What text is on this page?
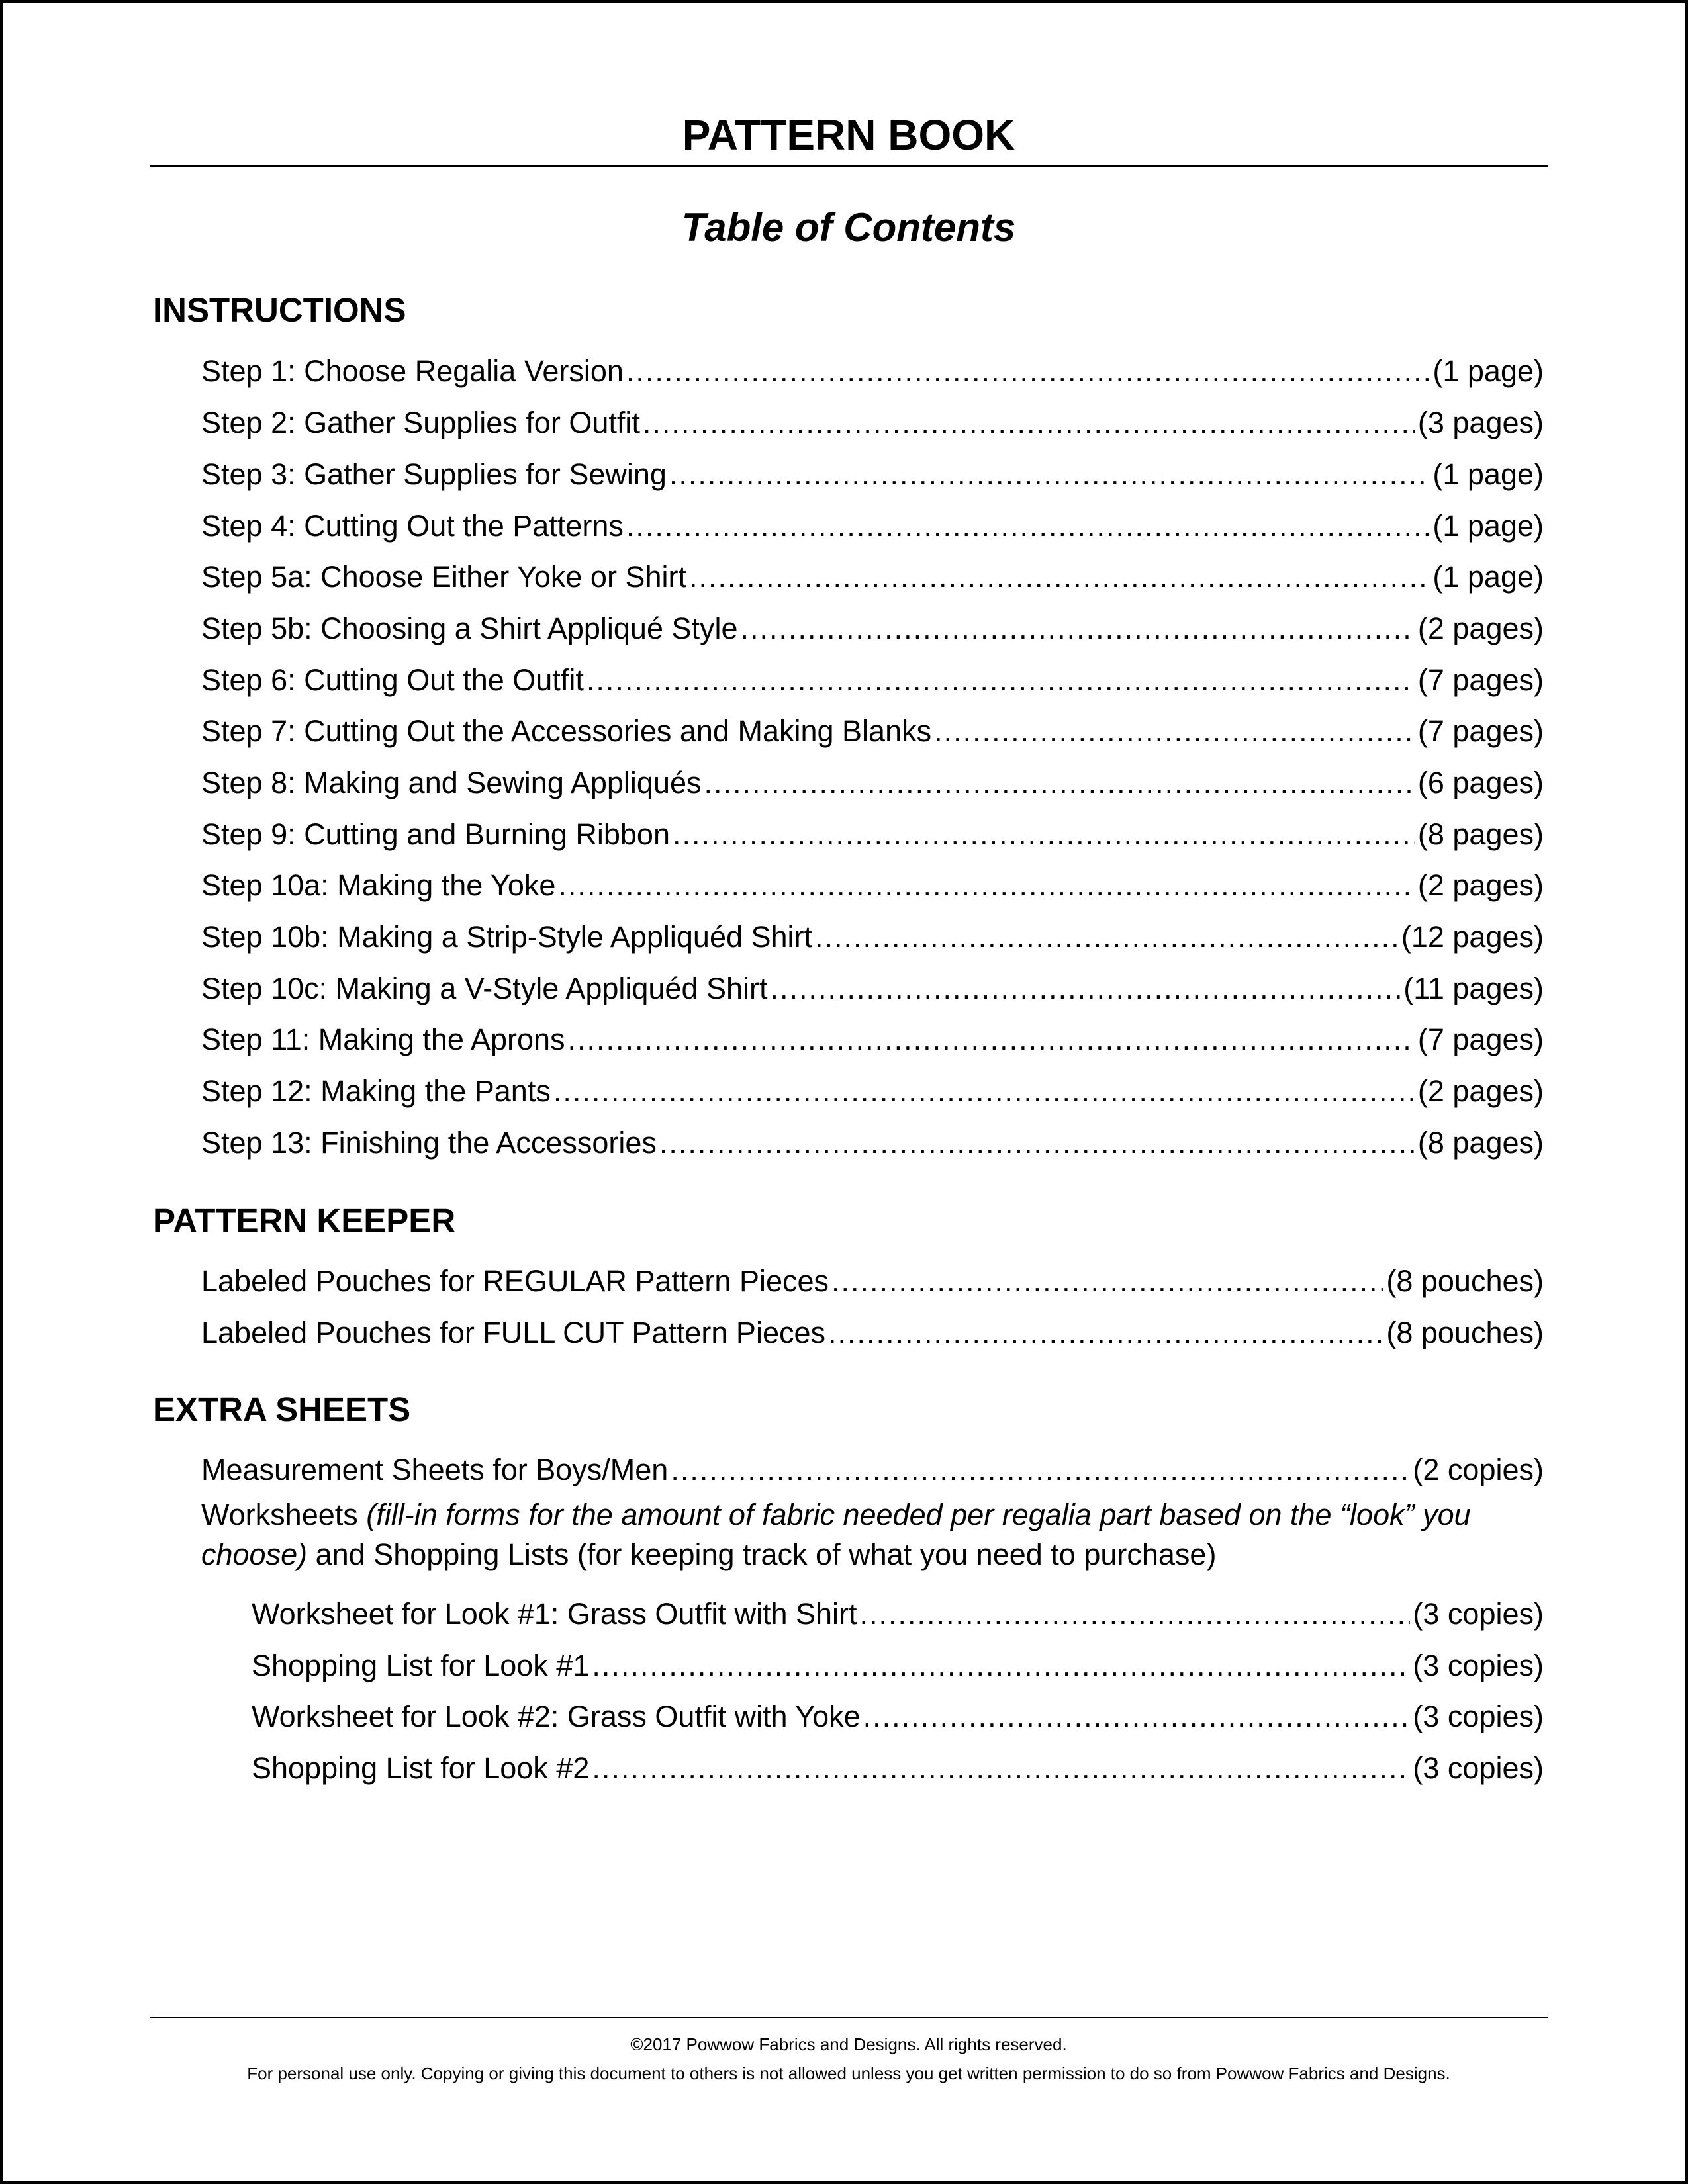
PATTERN BOOK
Table of Contents
INSTRUCTIONS
Step 1: Choose Regalia Version .....	(1 page)
Step 2: Gather Supplies for Outfit .....	(3 pages)
Step 3: Gather Supplies for Sewing .....	(1 page)
Step 4: Cutting Out the Patterns .....	(1 page)
Step 5a: Choose Either Yoke or Shirt .....	(1 page)
Step 5b: Choosing a Shirt Appliqué Style .....	(2 pages)
Step 6: Cutting Out the Outfit .....	(7 pages)
Step 7: Cutting Out the Accessories and Making Blanks .....	(7 pages)
Step 8: Making and Sewing Appliqués .....	(6 pages)
Step 9: Cutting and Burning Ribbon .....	(8 pages)
Step 10a: Making the Yoke .....	(2 pages)
Step 10b: Making a Strip-Style Appliquéd Shirt .....	(12 pages)
Step 10c: Making a V-Style Appliquéd Shirt .....	(11 pages)
Step 11: Making the Aprons .....	(7 pages)
Step 12: Making the Pants .....	(2 pages)
Step 13: Finishing the Accessories .....	(8 pages)
PATTERN KEEPER
Labeled Pouches for REGULAR Pattern Pieces .....	(8 pouches)
Labeled Pouches for FULL CUT Pattern Pieces .....	(8 pouches)
EXTRA SHEETS
Measurement Sheets for Boys/Men .....	(2 copies)
Worksheets (fill-in forms for the amount of fabric needed per regalia part based on the “look” you choose) and Shopping Lists (for keeping track of what you need to purchase)
Worksheet for Look #1: Grass Outfit with Shirt .....	(3 copies)
Shopping List for Look #1 .....	(3 copies)
Worksheet for Look #2: Grass Outfit with Yoke .....	(3 copies)
Shopping List for Look #2 .....	(3 copies)
©2017 Powwow Fabrics and Designs. All rights reserved.
For personal use only. Copying or giving this document to others is not allowed unless you get written permission to do so from Powwow Fabrics and Designs.
